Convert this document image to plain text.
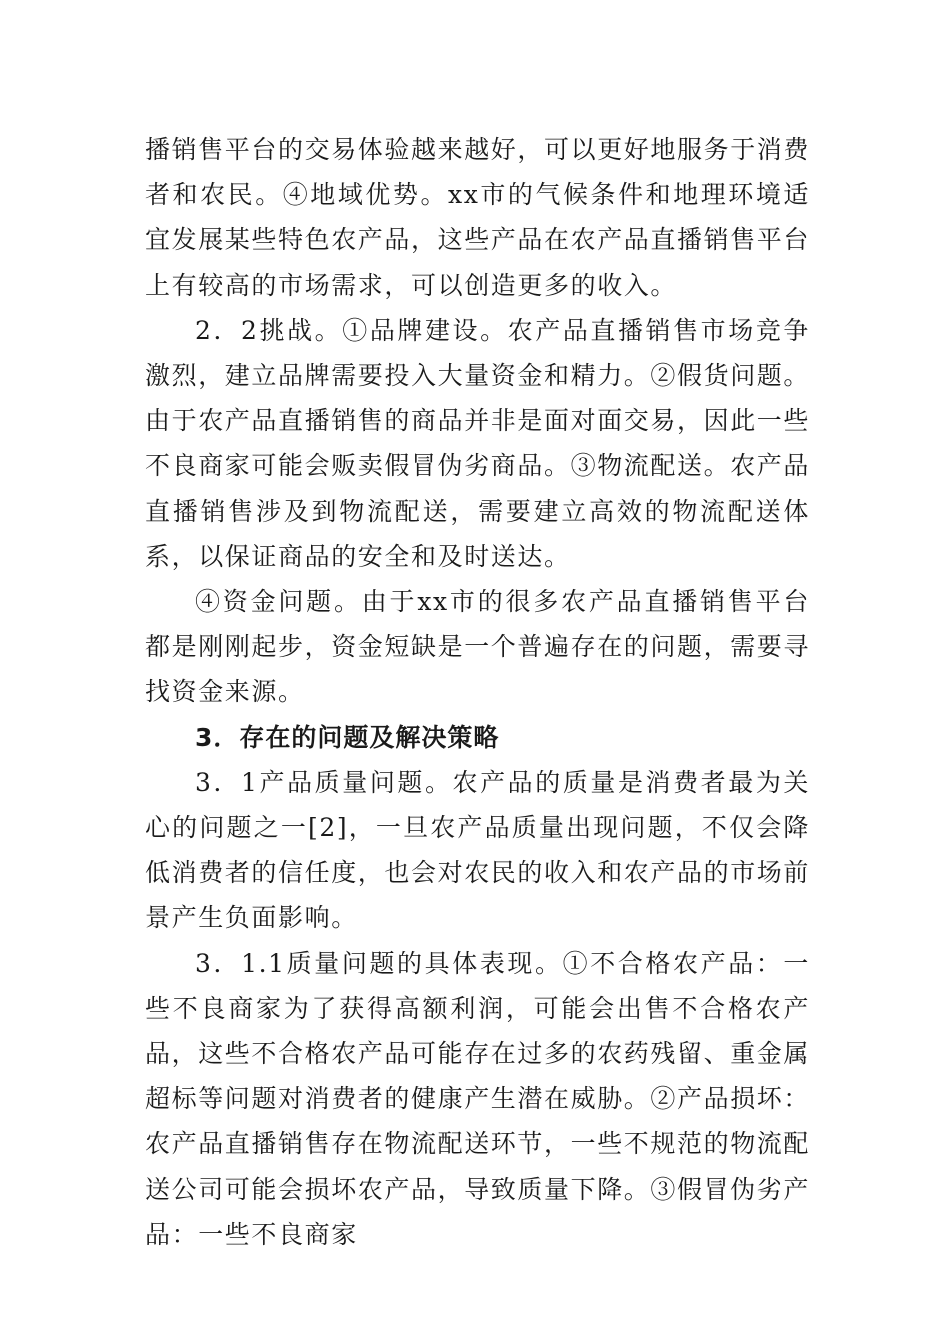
播销售平台的交易体验越来越好，可以更好地服务于消费者和农民。④地域优势。xx市的气候条件和地理环境适宜发展某些特色农产品，这些产品在农产品直播销售平台上有较高的市场需求，可以创造更多的收入。

2．2挑战。①品牌建设。农产品直播销售市场竞争激烈，建立品牌需要投入大量资金和精力。②假货问题。由于农产品直播销售的商品并非是面对面交易，因此一些不良商家可能会贩卖假冒伪劣商品。③物流配送。农产品直播销售涉及到物流配送，需要建立高效的物流配送体系，以保证商品的安全和及时送达。

④资金问题。由于xx市的很多农产品直播销售平台都是刚刚起步，资金短缺是一个普遍存在的问题，需要寻找资金来源。

3．存在的问题及解决策略

3．1产品质量问题。农产品的质量是消费者最为关心的问题之一[2]，一旦农产品质量出现问题，不仅会降低消费者的信任度，也会对农民的收入和农产品的市场前景产生负面影响。

3．1.1质量问题的具体表现。①不合格农产品：一些不良商家为了获得高额利润，可能会出售不合格农产品，这些不合格农产品可能存在过多的农药残留、重金属超标等问题对消费者的健康产生潜在威胁。②产品损坏：农产品直播销售存在物流配送环节，一些不规范的物流配送公司可能会损坏农产品，导致质量下降。③假冒伪劣产品：一些不良商家
